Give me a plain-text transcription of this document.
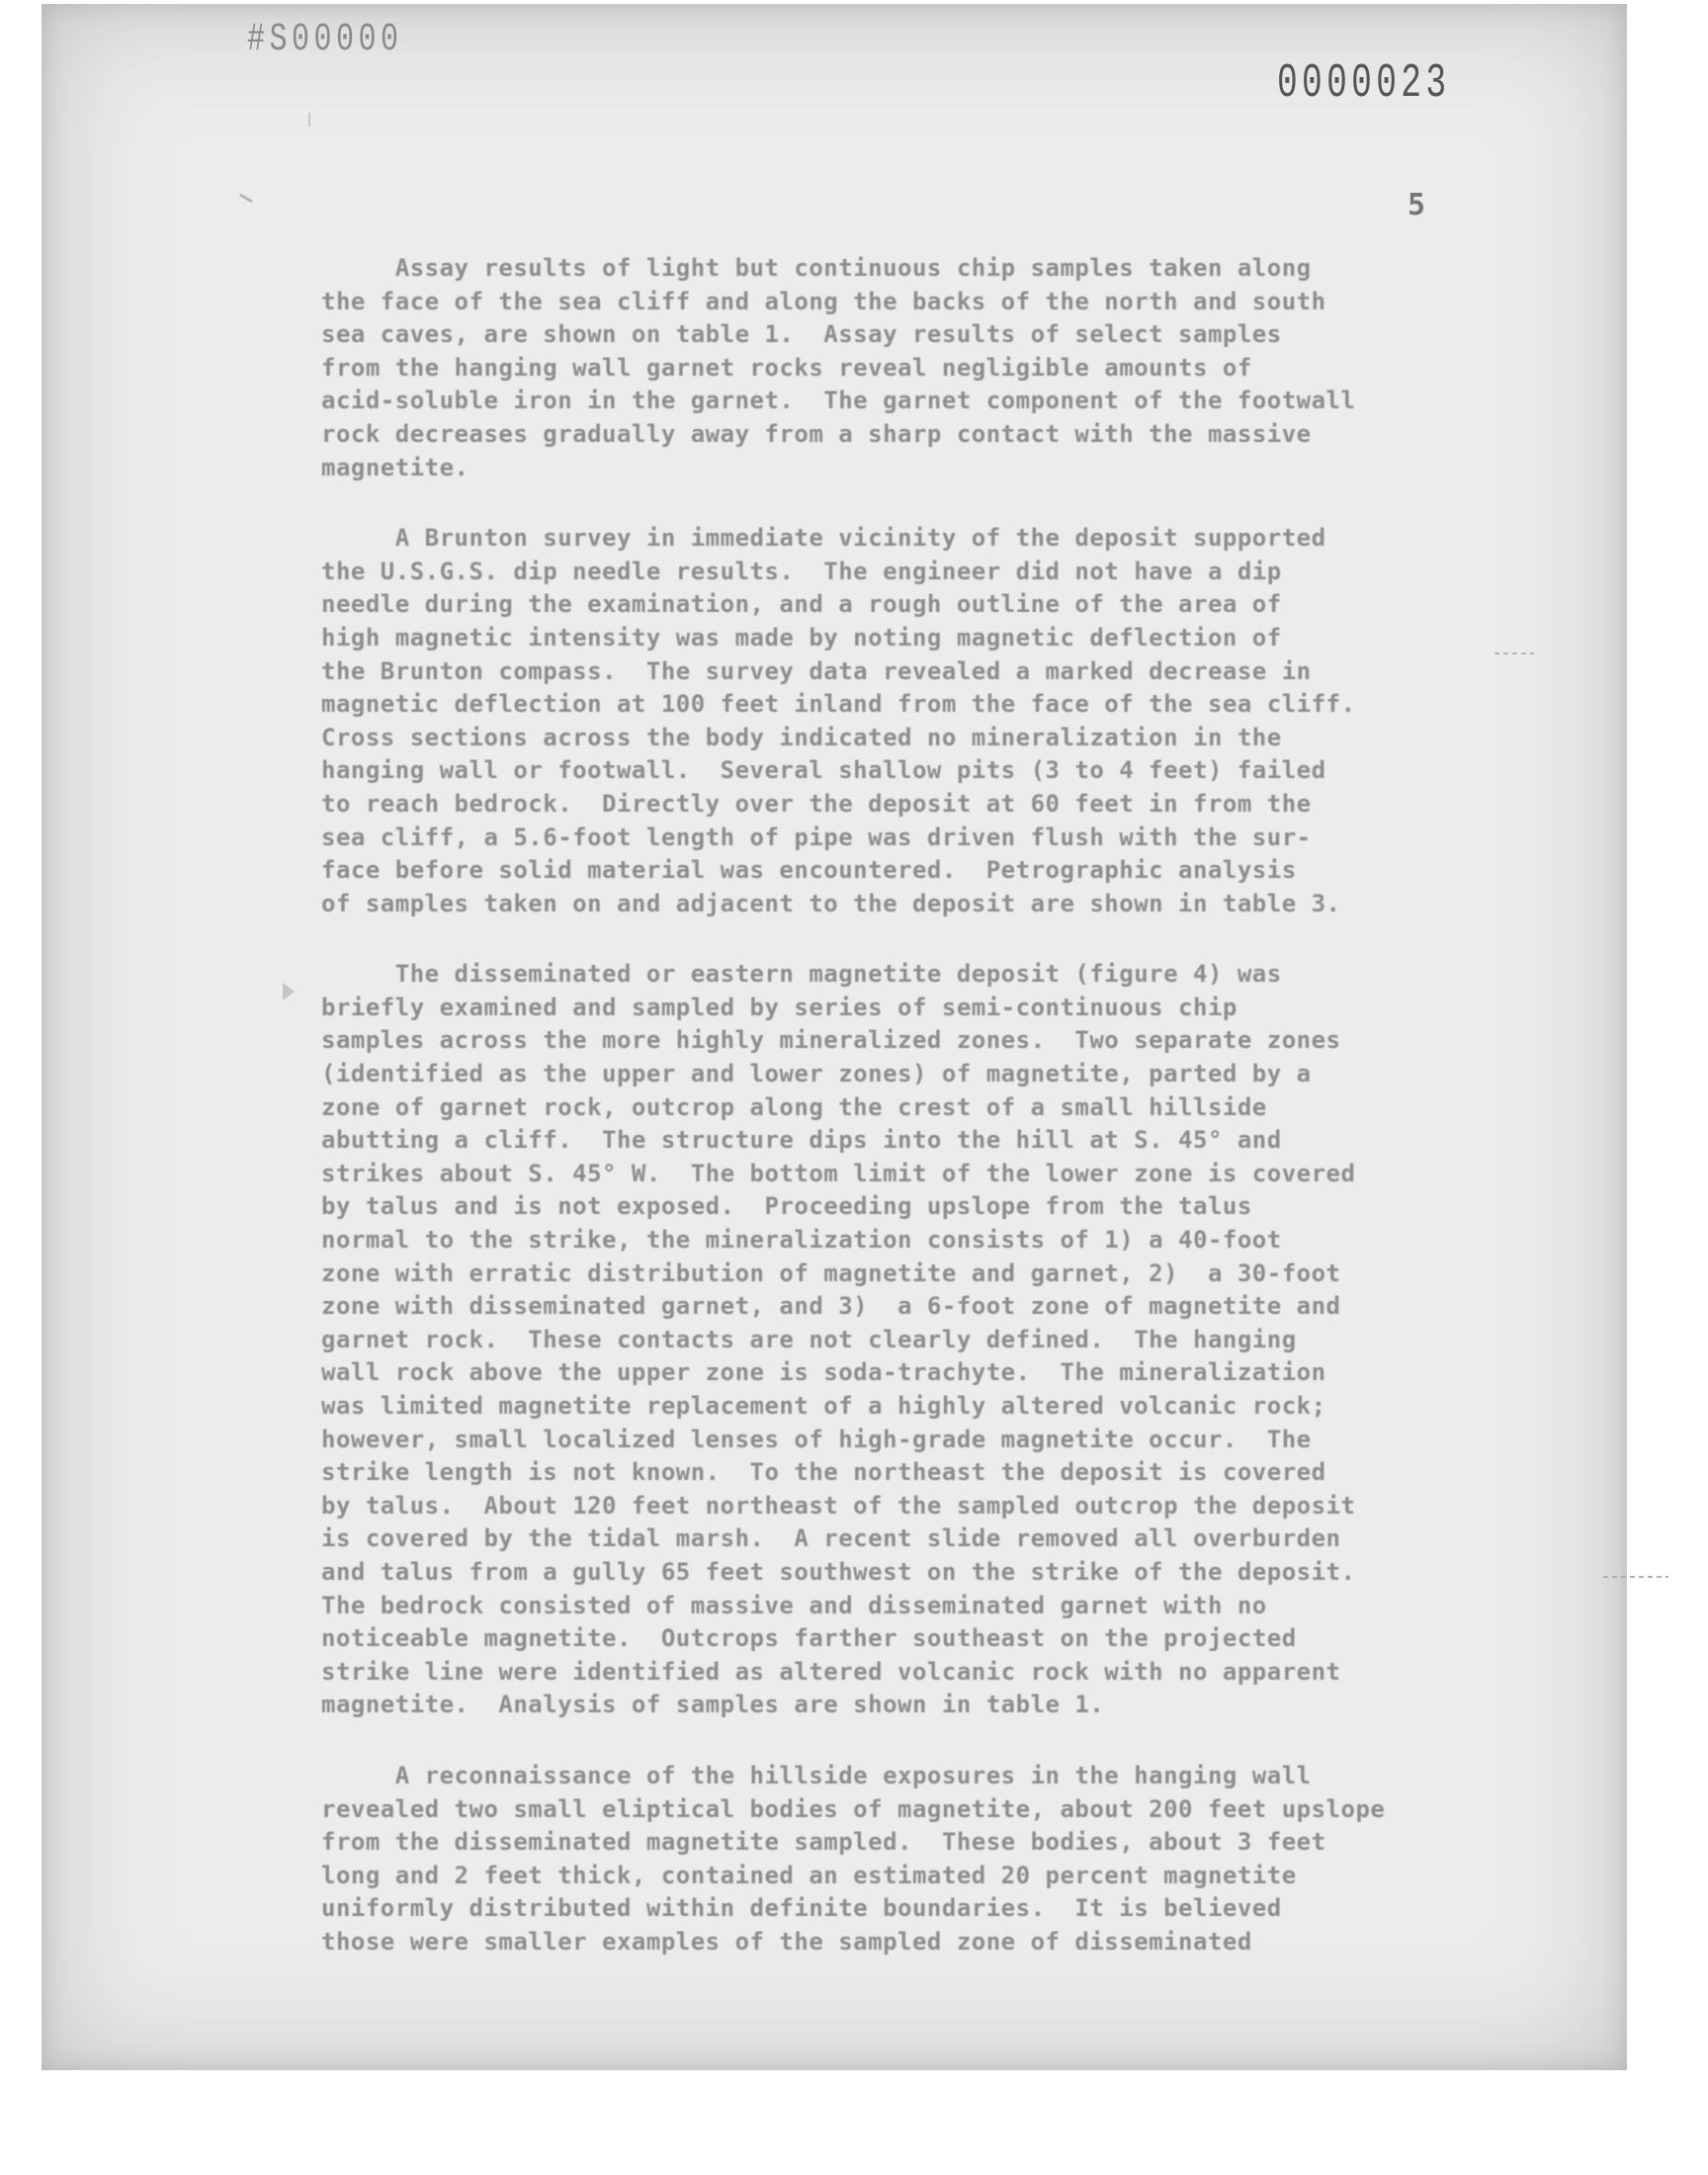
#S00000
0000023
5
Assay results of light but continuous chip samples taken along
the face of the sea cliff and along the backs of the north and south
sea caves, are shown on table 1.  Assay results of select samples
from the hanging wall garnet rocks reveal negligible amounts of
acid-soluble iron in the garnet.  The garnet component of the footwall
rock decreases gradually away from a sharp contact with the massive
magnetite.
A Brunton survey in immediate vicinity of the deposit supported
the U.S.G.S. dip needle results.  The engineer did not have a dip
needle during the examination, and a rough outline of the area of
high magnetic intensity was made by noting magnetic deflection of
the Brunton compass.  The survey data revealed a marked decrease in
magnetic deflection at 100 feet inland from the face of the sea cliff.
Cross sections across the body indicated no mineralization in the
hanging wall or footwall.  Several shallow pits (3 to 4 feet) failed
to reach bedrock.  Directly over the deposit at 60 feet in from the
sea cliff, a 5.6-foot length of pipe was driven flush with the sur-
face before solid material was encountered.  Petrographic analysis
of samples taken on and adjacent to the deposit are shown in table 3.
The disseminated or eastern magnetite deposit (figure 4) was
briefly examined and sampled by series of semi-continuous chip
samples across the more highly mineralized zones.  Two separate zones
(identified as the upper and lower zones) of magnetite, parted by a
zone of garnet rock, outcrop along the crest of a small hillside
abutting a cliff.  The structure dips into the hill at S. 45° and
strikes about S. 45° W.  The bottom limit of the lower zone is covered
by talus and is not exposed.  Proceeding upslope from the talus
normal to the strike, the mineralization consists of 1) a 40-foot
zone with erratic distribution of magnetite and garnet, 2)  a 30-foot
zone with disseminated garnet, and 3)  a 6-foot zone of magnetite and
garnet rock.  These contacts are not clearly defined.  The hanging
wall rock above the upper zone is soda-trachyte.  The mineralization
was limited magnetite replacement of a highly altered volcanic rock;
however, small localized lenses of high-grade magnetite occur.  The
strike length is not known.  To the northeast the deposit is covered
by talus.  About 120 feet northeast of the sampled outcrop the deposit
is covered by the tidal marsh.  A recent slide removed all overburden
and talus from a gully 65 feet southwest on the strike of the deposit.
The bedrock consisted of massive and disseminated garnet with no
noticeable magnetite.  Outcrops farther southeast on the projected
strike line were identified as altered volcanic rock with no apparent
magnetite.  Analysis of samples are shown in table 1.
A reconnaissance of the hillside exposures in the hanging wall
revealed two small eliptical bodies of magnetite, about 200 feet upslope
from the disseminated magnetite sampled.  These bodies, about 3 feet
long and 2 feet thick, contained an estimated 20 percent magnetite
uniformly distributed within definite boundaries.  It is believed
those were smaller examples of the sampled zone of disseminated
